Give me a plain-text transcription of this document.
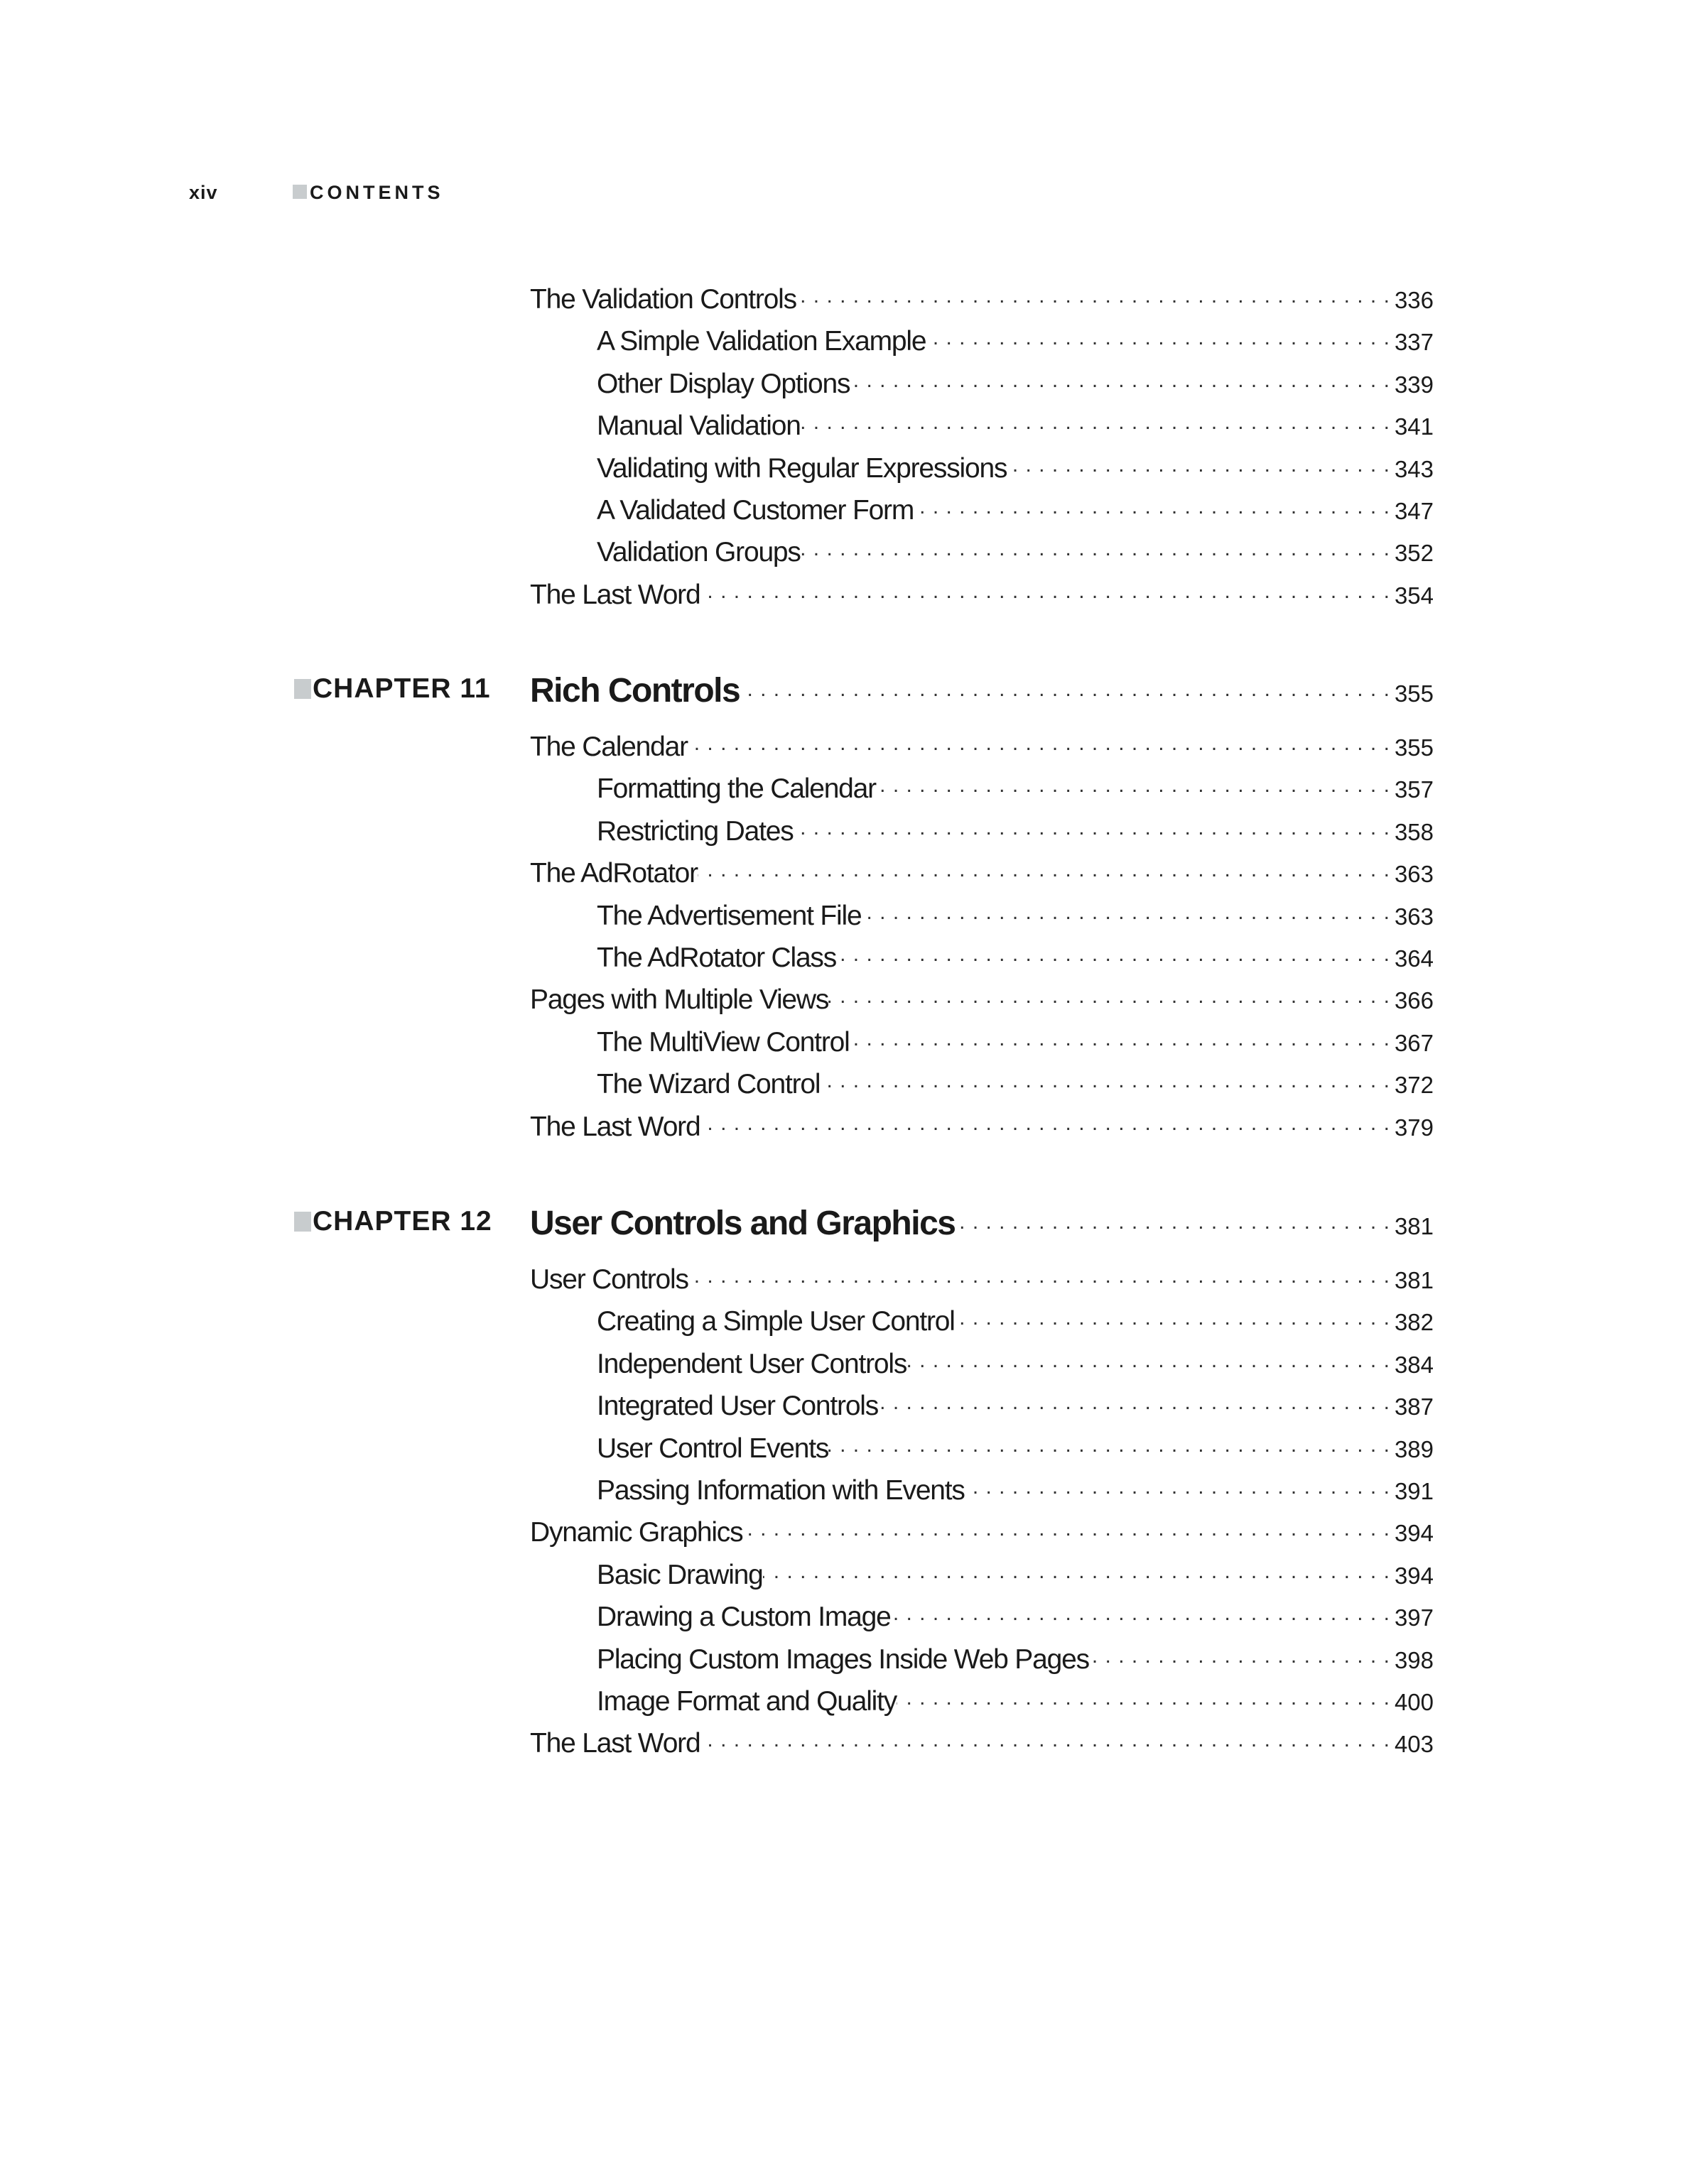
xiv	CONTENTS
The Validation Controls . . .	336
A Simple Validation Example . . .	337
Other Display Options . . .	339
Manual Validation . . .	341
Validating with Regular Expressions . . .	343
A Validated Customer Form . . .	347
Validation Groups . . .	352
The Last Word . . .	354
CHAPTER 11 Rich Controls . . .	355
The Calendar . . .	355
Formatting the Calendar . . .	357
Restricting Dates . . .	358
The AdRotator . . .	363
The Advertisement File . . .	363
The AdRotator Class . . .	364
Pages with Multiple Views . . .	366
The MultiView Control . . .	367
The Wizard Control . . .	372
The Last Word . . .	379
CHAPTER 12 User Controls and Graphics . . .	381
User Controls . . .	381
Creating a Simple User Control . . .	382
Independent User Controls . . .	384
Integrated User Controls . . .	387
User Control Events . . .	389
Passing Information with Events . . .	391
Dynamic Graphics . . .	394
Basic Drawing . . .	394
Drawing a Custom Image . . .	397
Placing Custom Images Inside Web Pages . . .	398
Image Format and Quality . . .	400
The Last Word . . .	403
